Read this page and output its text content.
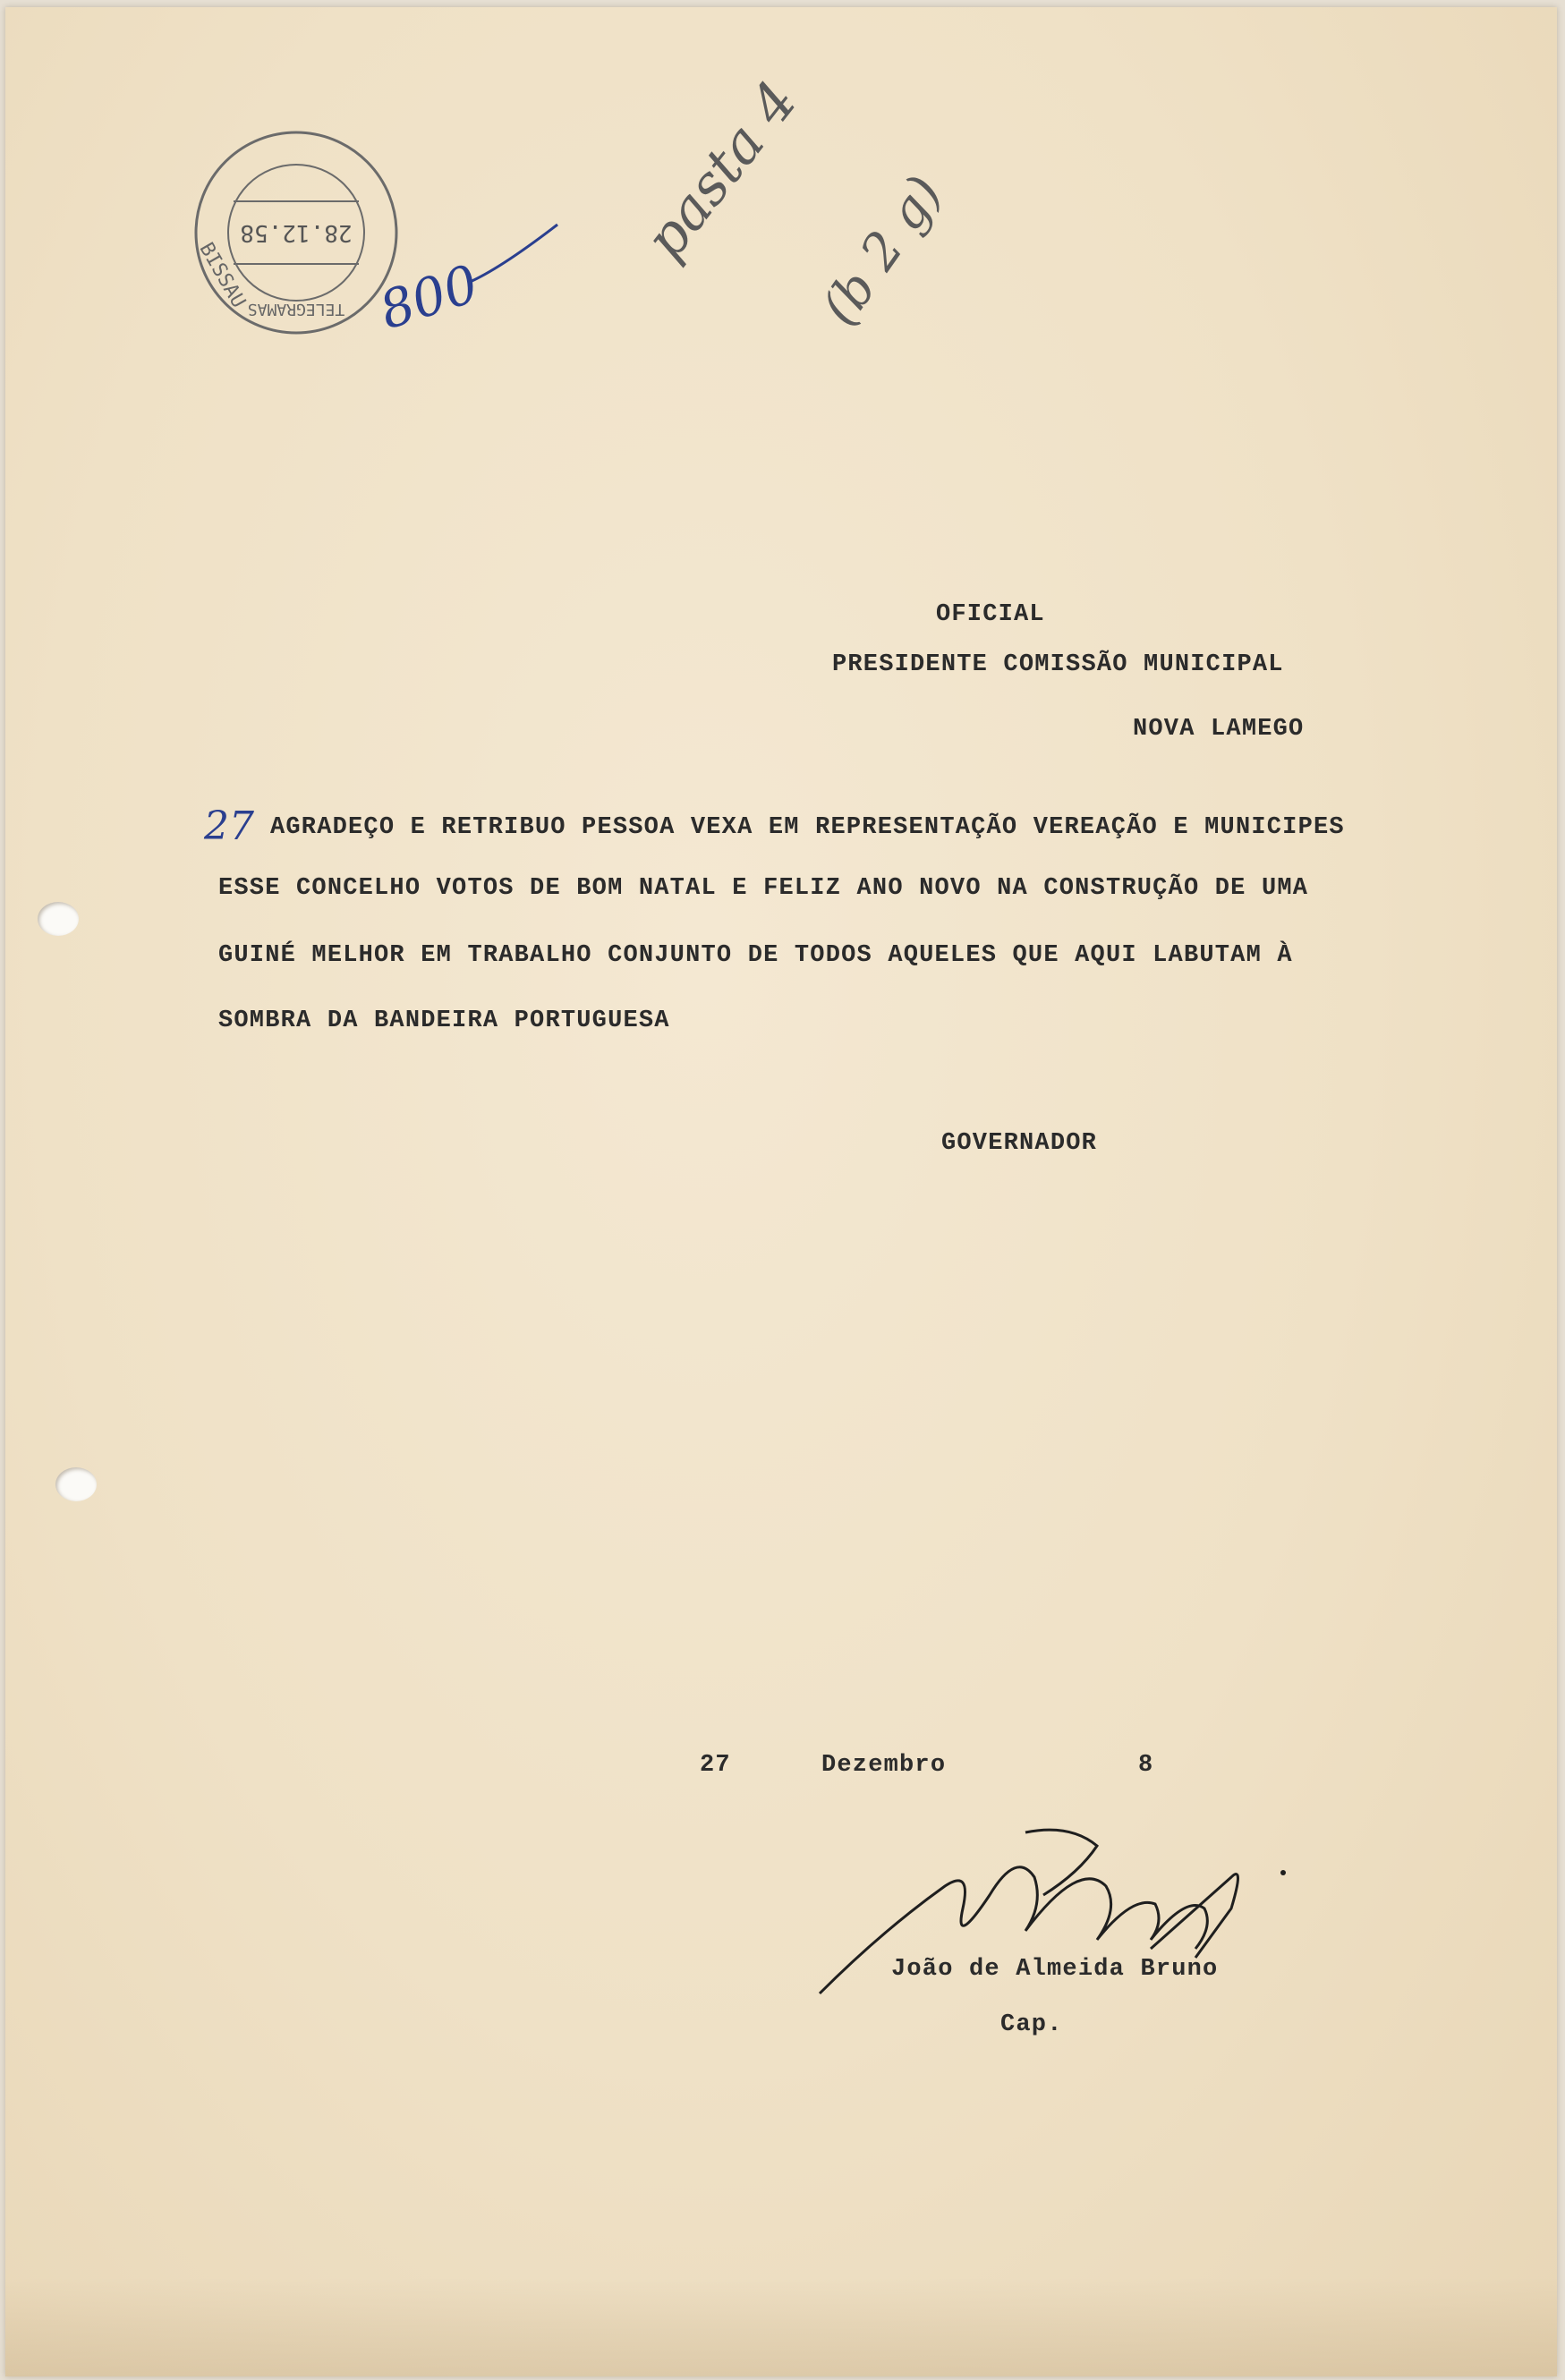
28.12.58
TELEGRAMAS
BISSAU 800
pasta 4 (b 2 g)

OFICIAL

PRESIDENTE COMISSÃO MUNICIPAL

NOVA LAMEGO

27 AGRADEÇO E RETRIBUO PESSOA VEXA EM REPRESENTAÇÃO VEREAÇÃO E MUNICIPES

ESSE CONCELHO VOTOS DE BOM NATAL E FELIZ ANO NOVO NA CONSTRUÇÃO DE UMA

GUINÉ MELHOR EM TRABALHO CONJUNTO DE TODOS AQUELES QUE AQUI LABUTAM À

SOMBRA DA BANDEIRA PORTUGUESA

GOVERNADOR

27	Dezembro	8

João de Almeida Bruno

Cap.
